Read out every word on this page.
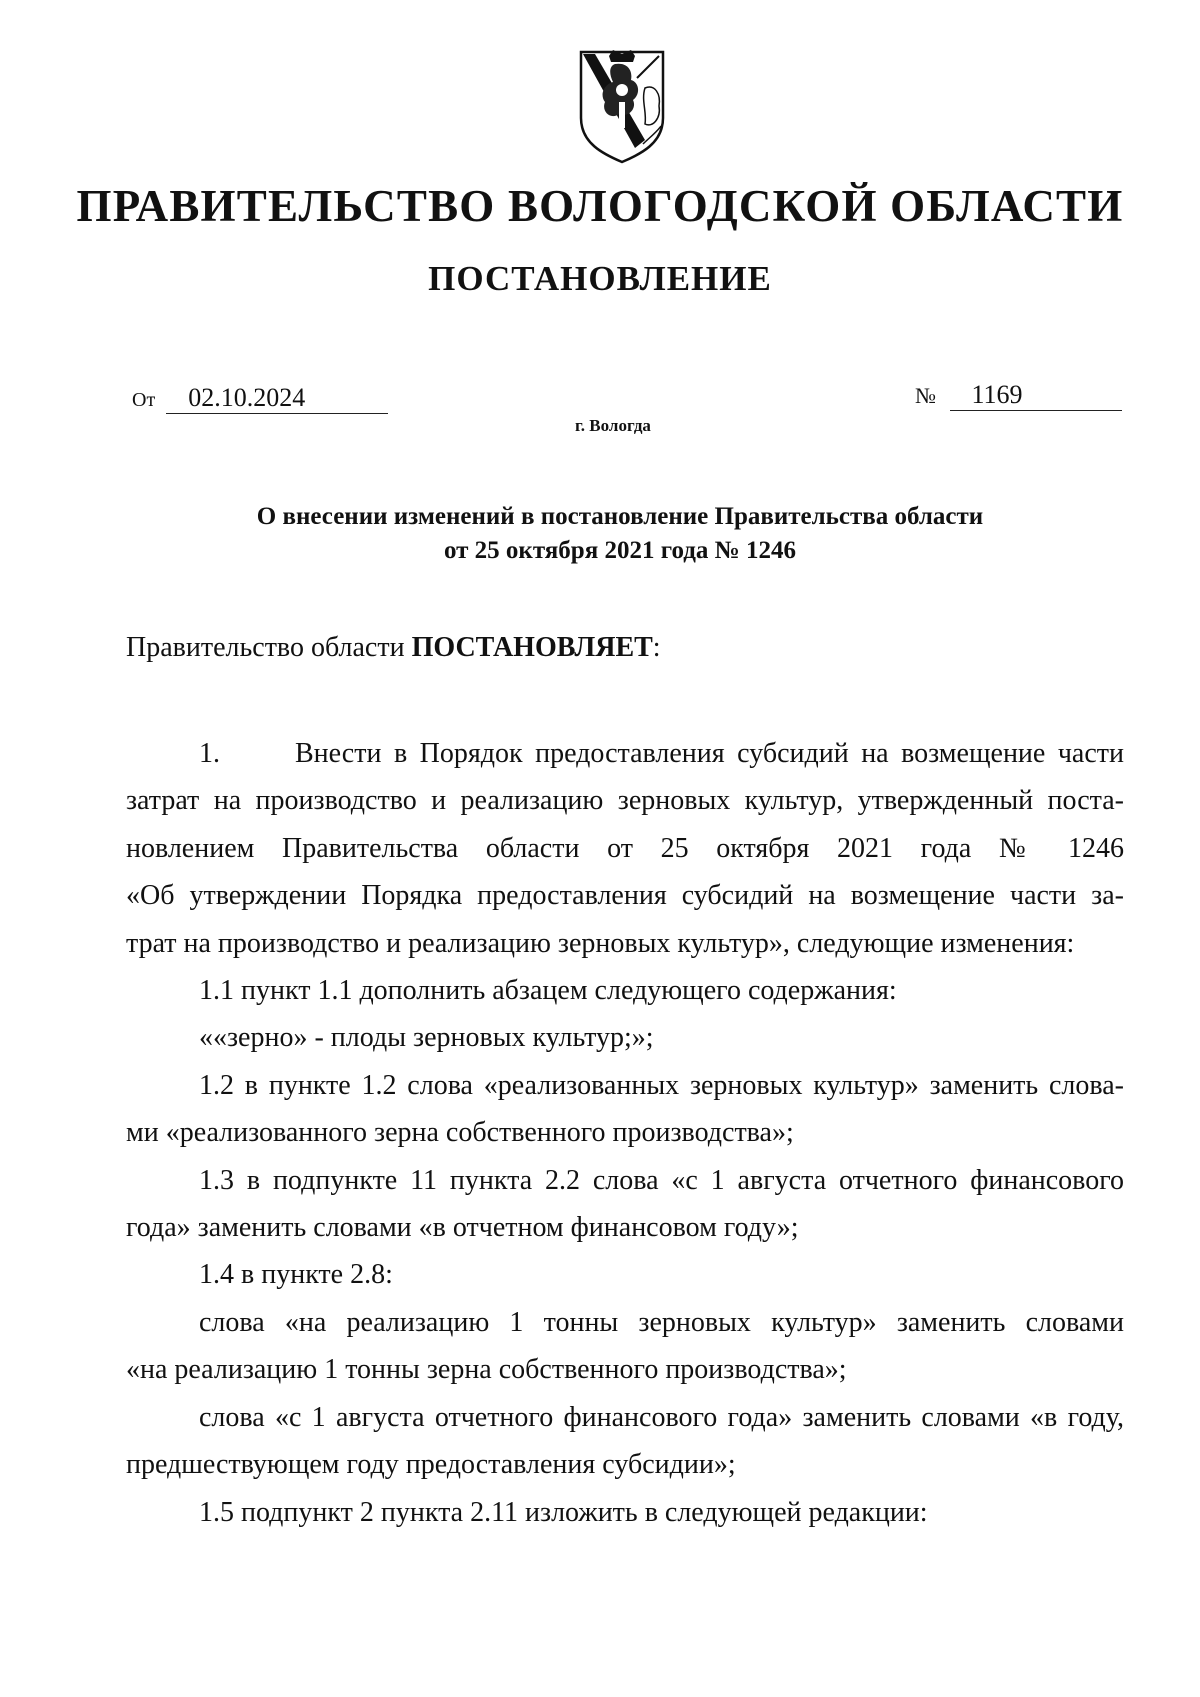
ПРАВИТЕЛЬСТВО ВОЛОГОДСКОЙ ОБЛАСТИ
ПОСТАНОВЛЕНИЕ
От 02.10.2024	№ 1169
г. Вологда
О внесении изменений в постановление Правительства области
от 25 октября 2021 года № 1246
Правительство области ПОСТАНОВЛЯЕТ:
1.      Внести в Порядок предоставления субсидий на возмещение части
затрат на производство и реализацию зерновых культур, утвержденный поста-
новлением Правительства области от 25 октября 2021 года № 1246
«Об утверждении Порядка предоставления субсидий на возмещение части за-
трат на производство и реализацию зерновых культур», следующие изменения:
1.1 пункт 1.1 дополнить абзацем следующего содержания:
««зерно» - плоды зерновых культур;»;
1.2 в пункте 1.2 слова «реализованных зерновых культур» заменить слова-
ми «реализованного зерна собственного производства»;
1.3 в подпункте 11 пункта 2.2 слова «с 1 августа отчетного финансового
года» заменить словами «в отчетном финансовом году»;
1.4 в пункте 2.8:
слова «на реализацию 1 тонны зерновых культур» заменить словами
«на реализацию 1 тонны зерна собственного производства»;
слова «с 1 августа отчетного финансового года» заменить словами «в году,
предшествующем году предоставления субсидии»;
1.5 подпункт 2 пункта 2.11 изложить в следующей редакции:
